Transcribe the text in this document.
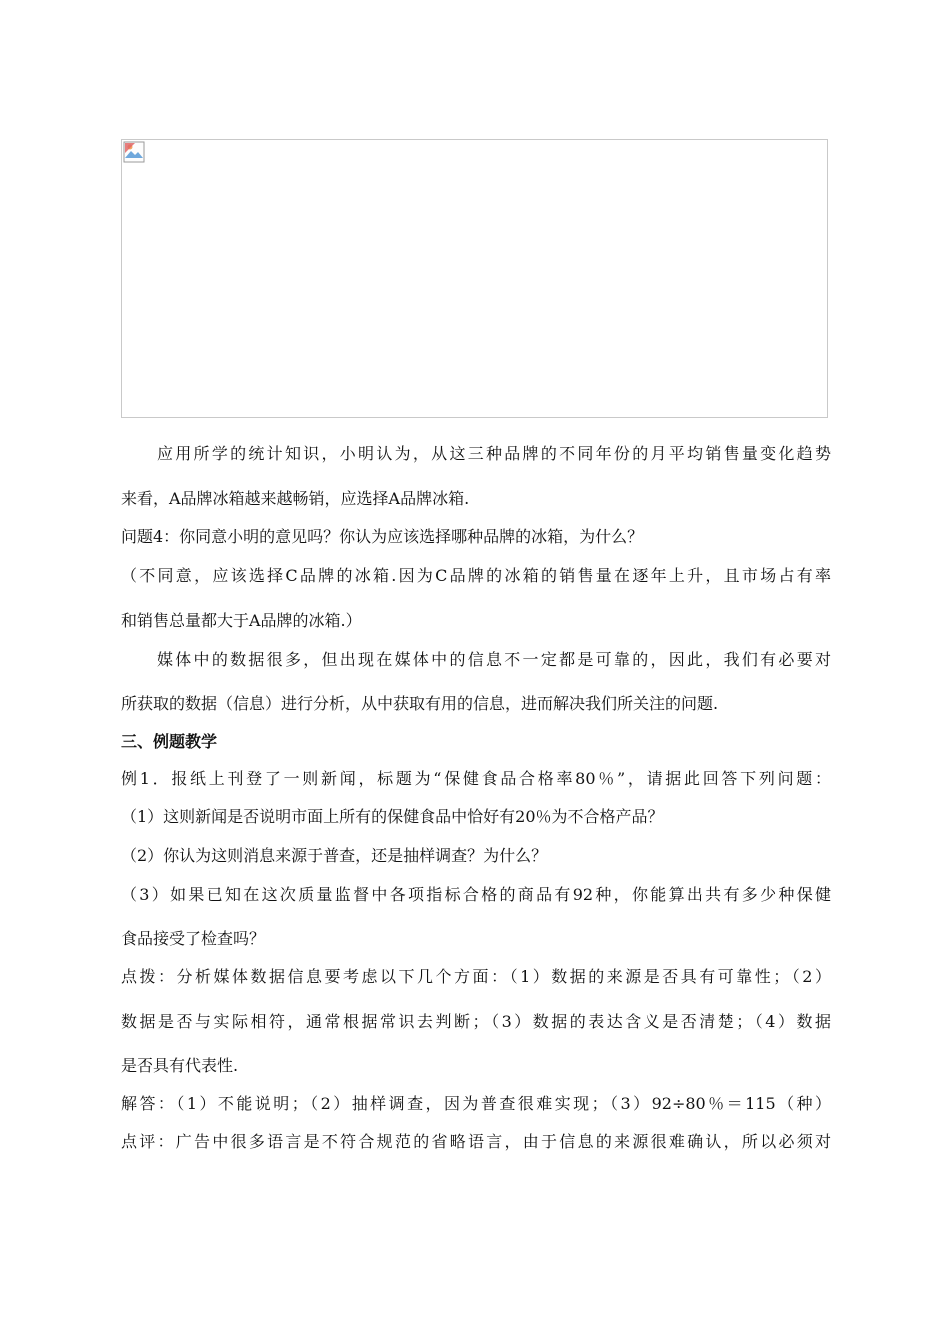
应用所学的统计知识，小明认为，从这三种品牌的不同年份的月平均销售量变化趋势
来看，A品牌冰箱越来越畅销，应选择A品牌冰箱.
问题4：你同意小明的意见吗？你认为应该选择哪种品牌的冰箱，为什么？
（不同意，应该选择C品牌的冰箱.因为C品牌的冰箱的销售量在逐年上升，且市场占有率
和销售总量都大于A品牌的冰箱.）
媒体中的数据很多，但出现在媒体中的信息不一定都是可靠的，因此，我们有必要对
所获取的数据（信息）进行分析，从中获取有用的信息，进而解决我们所关注的问题.
三、例题教学
例1．报纸上刊登了一则新闻，标题为“保健食品合格率80％”，请据此回答下列问题：
（1）这则新闻是否说明市面上所有的保健食品中恰好有20％为不合格产品？
（2）你认为这则消息来源于普查，还是抽样调查？为什么？
（3）如果已知在这次质量监督中各项指标合格的商品有92种，你能算出共有多少种保健
食品接受了检查吗？
点拨：分析媒体数据信息要考虑以下几个方面：（1）数据的来源是否具有可靠性；（2）
数据是否与实际相符，通常根据常识去判断；（3）数据的表达含义是否清楚；（4）数据
是否具有代表性.
解答：（1）不能说明；（2）抽样调查，因为普查很难实现；（3）92÷80％＝115（种）
点评：广告中很多语言是不符合规范的省略语言，由于信息的来源很难确认，所以必须对
